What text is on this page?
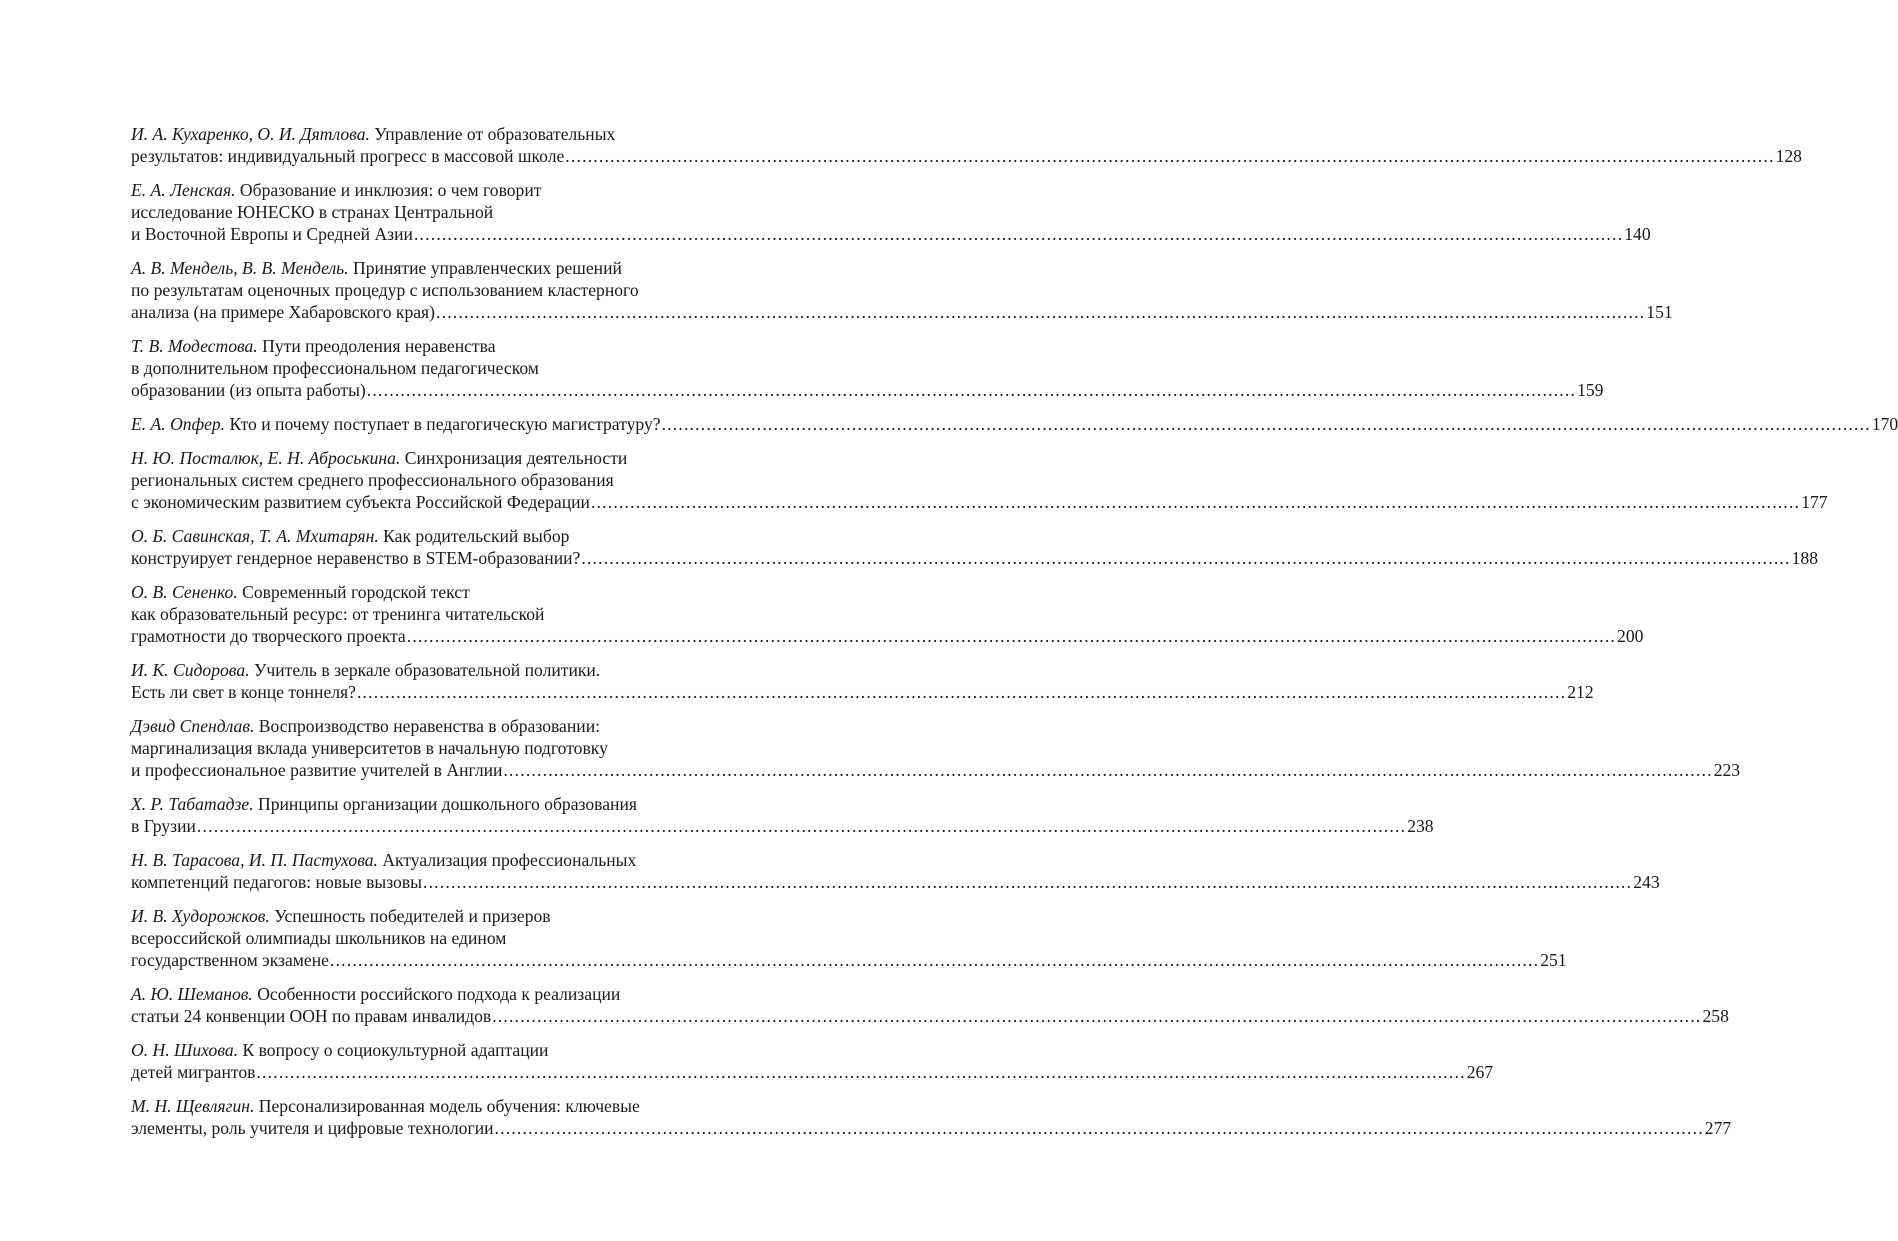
И. А. Кухаренко, О. И. Дятлова. Управление от образовательных
результатов: индивидуальный прогресс в массовой школе .....	128
Е. А. Ленская. Образование и инклюзия: о чем говорит
исследование ЮНЕСКО в странах Центральной
и Восточной Европы и Средней Азии .....	140
А. В. Мендель, В. В. Мендель. Принятие управленческих решений
по результатам оценочных процедур с использованием кластерного
анализа (на примере Хабаровского края) .....	151
Т. В. Модестова. Пути преодоления неравенства
в дополнительном профессиональном педагогическом
образовании (из опыта работы) .....	159
Е. А. Опфер. Кто и почему поступает в педагогическую магистратуру? .....	170
Н. Ю. Посталюк, Е. Н. Аброськина. Синхронизация деятельности
региональных систем среднего профессионального образования
с экономическим развитием субъекта Российской Федерации .....	177
О. Б. Савинская, Т. А. Мхитарян. Как родительский выбор
конструирует гендерное неравенство в STEM-образовании? .....	188
О. В. Сененко. Современный городской текст
как образовательный ресурс: от тренинга читательской
грамотности до творческого проекта .....	200
И. К. Сидорова. Учитель в зеркале образовательной политики.
Есть ли свет в конце тоннеля? .....	212
Дэвид Спендлав. Воспроизводство неравенства в образовании:
маргинализация вклада университетов в начальную подготовку
и профессиональное развитие учителей в Англии .....	223
Х. Р. Табатадзе. Принципы организации дошкольного образования
в Грузии .....	238
Н. В. Тарасова, И. П. Пастухова. Актуализация профессиональных
компетенций педагогов: новые вызовы .....	243
И. В. Худорожков. Успешность победителей и призеров
всероссийской олимпиады школьников на едином
государственном экзамене .....	251
А. Ю. Шеманов. Особенности российского подхода к реализации
статьи 24 конвенции ООН по правам инвалидов .....	258
О. Н. Шихова. К вопросу о социокультурной адаптации
детей мигрантов .....	267
М. Н. Щевлягин. Персонализированная модель обучения: ключевые
элементы, роль учителя и цифровые технологии .....	277
